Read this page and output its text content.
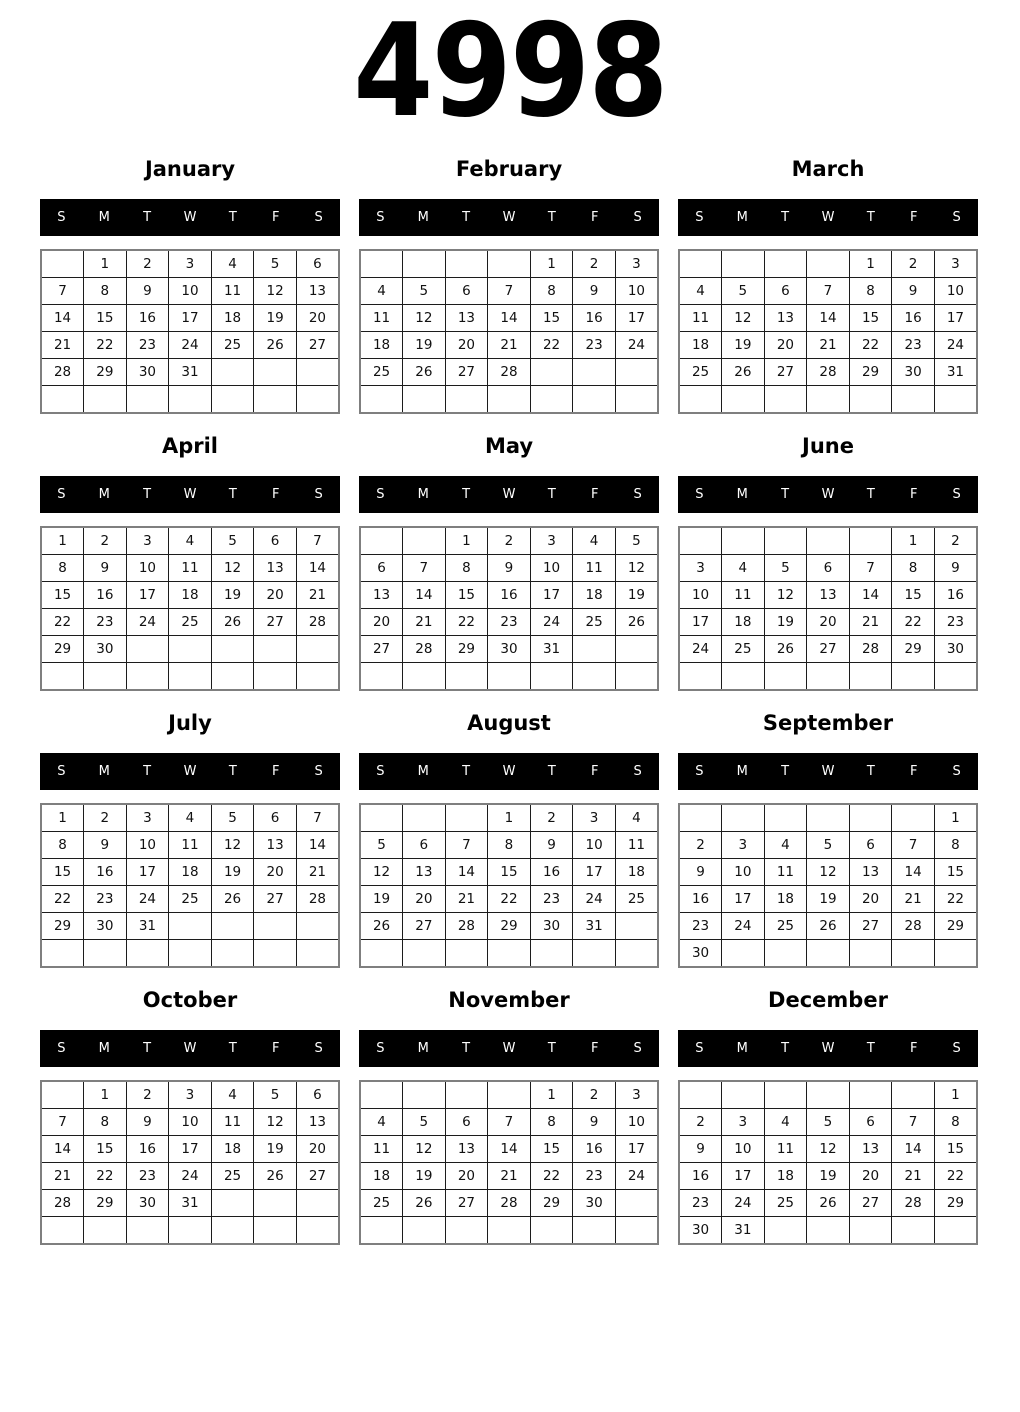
4998
January
S	M	T	W	T	F	S
	1	2	3	4	5	6
7	8	9	10	11	12	13
14	15	16	17	18	19	20
21	22	23	24	25	26	27
28	29	30	31			

February
S	M	T	W	T	F	S
				1	2	3
4	5	6	7	8	9	10
11	12	13	14	15	16	17
18	19	20	21	22	23	24
25	26	27	28			

March
S	M	T	W	T	F	S
				1	2	3
4	5	6	7	8	9	10
11	12	13	14	15	16	17
18	19	20	21	22	23	24
25	26	27	28	29	30	31

April
S	M	T	W	T	F	S
1	2	3	4	5	6	7
8	9	10	11	12	13	14
15	16	17	18	19	20	21
22	23	24	25	26	27	28
29	30					

May
S	M	T	W	T	F	S
		1	2	3	4	5
6	7	8	9	10	11	12
13	14	15	16	17	18	19
20	21	22	23	24	25	26
27	28	29	30	31		

June
S	M	T	W	T	F	S
					1	2
3	4	5	6	7	8	9
10	11	12	13	14	15	16
17	18	19	20	21	22	23
24	25	26	27	28	29	30

July
S	M	T	W	T	F	S
1	2	3	4	5	6	7
8	9	10	11	12	13	14
15	16	17	18	19	20	21
22	23	24	25	26	27	28
29	30	31				

August
S	M	T	W	T	F	S
			1	2	3	4
5	6	7	8	9	10	11
12	13	14	15	16	17	18
19	20	21	22	23	24	25
26	27	28	29	30	31	

September
S	M	T	W	T	F	S
						1
2	3	4	5	6	7	8
9	10	11	12	13	14	15
16	17	18	19	20	21	22
23	24	25	26	27	28	29
30						
October
S	M	T	W	T	F	S
	1	2	3	4	5	6
7	8	9	10	11	12	13
14	15	16	17	18	19	20
21	22	23	24	25	26	27
28	29	30	31			

November
S	M	T	W	T	F	S
				1	2	3
4	5	6	7	8	9	10
11	12	13	14	15	16	17
18	19	20	21	22	23	24
25	26	27	28	29	30	

December
S	M	T	W	T	F	S
						1
2	3	4	5	6	7	8
9	10	11	12	13	14	15
16	17	18	19	20	21	22
23	24	25	26	27	28	29
30	31					
